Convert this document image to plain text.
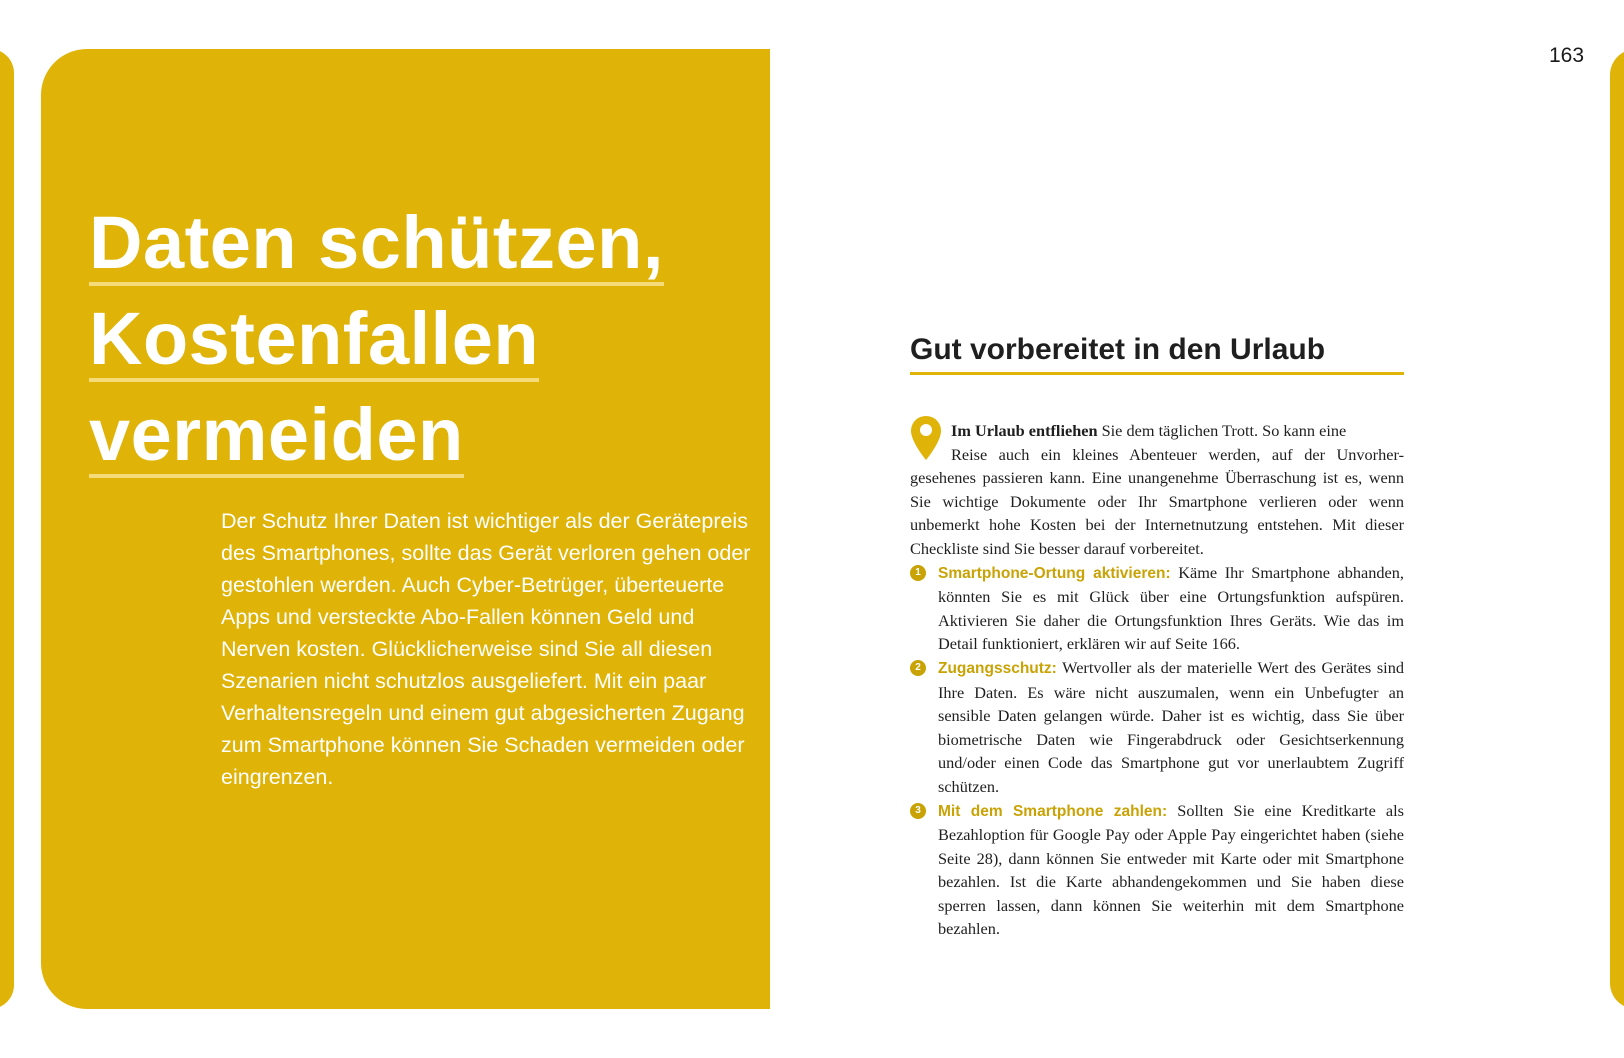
Daten schützen,
Kostenfallen
vermeiden

Der Schutz Ihrer Daten ist wichtiger als der Gerätepreis des Smartphones, sollte das Gerät verloren gehen oder gestohlen werden. Auch Cyber-Betrüger, überteuerte Apps und versteckte Abo-Fallen können Geld und Nerven kosten. Glücklicherweise sind Sie all diesen Szenarien nicht schutzlos ausgeliefert. Mit ein paar Verhaltensregeln und einem gut abgesicherten Zugang zum Smartphone können Sie Schaden vermeiden oder eingrenzen.

163
Gut vorbereitet in den Urlaub

Im Urlaub entfliehen Sie dem täglichen Trott. So kann eine
Reise auch ein kleines Abenteuer werden, auf der Unvorher- gesehenes passieren kann. Eine unangenehme Überraschung ist es, wenn Sie wichtige Dokumente oder Ihr Smartphone verlieren oder wenn unbemerkt hohe Kosten bei der Internetnutzung entstehen. Mit dieser Checkliste sind Sie besser darauf vorbereitet.

1	Smartphone-Ortung aktivieren: Käme Ihr Smartphone abhanden, könnten Sie es mit Glück über eine Ortungsfunktion aufspüren. Aktivieren Sie daher die Ortungsfunktion Ihres Geräts. Wie das im Detail funktioniert, erklären wir auf Seite 166.
2	Zugangsschutz: Wertvoller als der materielle Wert des Gerätes sind Ihre Daten. Es wäre nicht auszumalen, wenn ein Unbefugter an sensible Daten gelangen würde. Daher ist es wichtig, dass Sie über biometrische Daten wie Fingerabdruck oder Gesichtserkennung und/oder einen Code das Smartphone gut vor unerlaubtem Zugriff schützen.
3	Mit dem Smartphone zahlen: Sollten Sie eine Kreditkarte als Bezahloption für Google Pay oder Apple Pay eingerichtet haben (siehe Seite 28), dann können Sie entweder mit Karte oder mit Smartphone bezahlen. Ist die Karte abhandengekommen und Sie haben diese sperren lassen, dann können Sie weiterhin mit dem Smartphone bezahlen.
